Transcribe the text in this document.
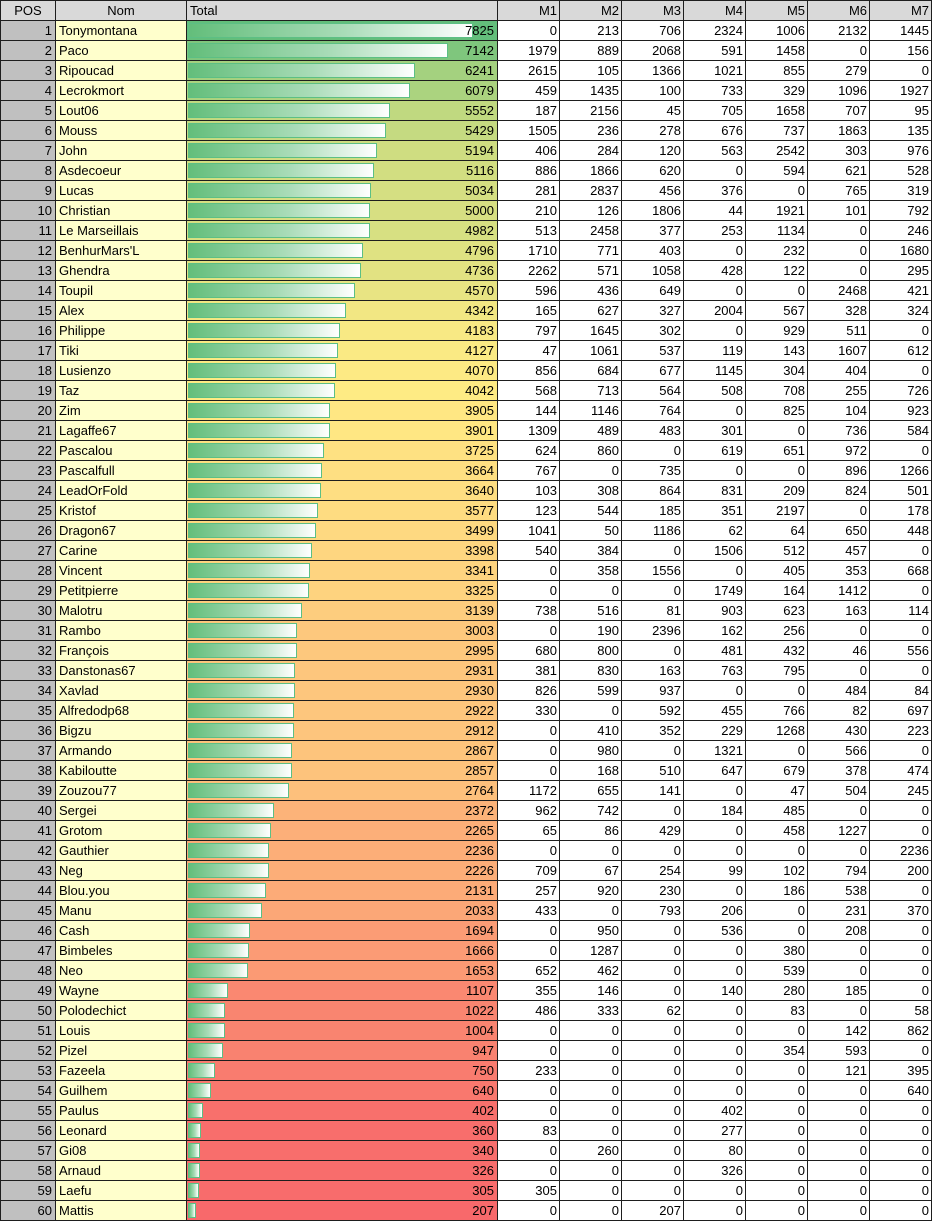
POS	Nom	Total	M1	M2	M3	M4	M5	M6	M7
1	Tonymontana	7825	0	213	706	2324	1006	2132	1445
2	Paco	7142	1979	889	2068	591	1458	0	156
3	Ripoucad	6241	2615	105	1366	1021	855	279	0
4	Lecrokmort	6079	459	1435	100	733	329	1096	1927
5	Lout06	5552	187	2156	45	705	1658	707	95
6	Mouss	5429	1505	236	278	676	737	1863	135
7	John	5194	406	284	120	563	2542	303	976
8	Asdecoeur	5116	886	1866	620	0	594	621	528
9	Lucas	5034	281	2837	456	376	0	765	319
10	Christian	5000	210	126	1806	44	1921	101	792
11	Le Marseillais	4982	513	2458	377	253	1134	0	246
12	BenhurMars'L	4796	1710	771	403	0	232	0	1680
13	Ghendra	4736	2262	571	1058	428	122	0	295
14	Toupil	4570	596	436	649	0	0	2468	421
15	Alex	4342	165	627	327	2004	567	328	324
16	Philippe	4183	797	1645	302	0	929	511	0
17	Tiki	4127	47	1061	537	119	143	1607	612
18	Lusienzo	4070	856	684	677	1145	304	404	0
19	Taz	4042	568	713	564	508	708	255	726
20	Zim	3905	144	1146	764	0	825	104	923
21	Lagaffe67	3901	1309	489	483	301	0	736	584
22	Pascalou	3725	624	860	0	619	651	972	0
23	Pascalfull	3664	767	0	735	0	0	896	1266
24	LeadOrFold	3640	103	308	864	831	209	824	501
25	Kristof	3577	123	544	185	351	2197	0	178
26	Dragon67	3499	1041	50	1186	62	64	650	448
27	Carine	3398	540	384	0	1506	512	457	0
28	Vincent	3341	0	358	1556	0	405	353	668
29	Petitpierre	3325	0	0	0	1749	164	1412	0
30	Malotru	3139	738	516	81	903	623	163	114
31	Rambo	3003	0	190	2396	162	256	0	0
32	François	2995	680	800	0	481	432	46	556
33	Danstonas67	2931	381	830	163	763	795	0	0
34	Xavlad	2930	826	599	937	0	0	484	84
35	Alfredodp68	2922	330	0	592	455	766	82	697
36	Bigzu	2912	0	410	352	229	1268	430	223
37	Armando	2867	0	980	0	1321	0	566	0
38	Kabiloutte	2857	0	168	510	647	679	378	474
39	Zouzou77	2764	1172	655	141	0	47	504	245
40	Sergei	2372	962	742	0	184	485	0	0
41	Grotom	2265	65	86	429	0	458	1227	0
42	Gauthier	2236	0	0	0	0	0	0	2236
43	Neg	2226	709	67	254	99	102	794	200
44	Blou.you	2131	257	920	230	0	186	538	0
45	Manu	2033	433	0	793	206	0	231	370
46	Cash	1694	0	950	0	536	0	208	0
47	Bimbeles	1666	0	1287	0	0	380	0	0
48	Neo	1653	652	462	0	0	539	0	0
49	Wayne	1107	355	146	0	140	280	185	0
50	Polodechict	1022	486	333	62	0	83	0	58
51	Louis	1004	0	0	0	0	0	142	862
52	Pizel	947	0	0	0	0	354	593	0
53	Fazeela	750	233	0	0	0	0	121	395
54	Guilhem	640	0	0	0	0	0	0	640
55	Paulus	402	0	0	0	402	0	0	0
56	Leonard	360	83	0	0	277	0	0	0
57	Gi08	340	0	260	0	80	0	0	0
58	Arnaud	326	0	0	0	326	0	0	0
59	Laefu	305	305	0	0	0	0	0	0
60	Mattis	207	0	0	207	0	0	0	0
